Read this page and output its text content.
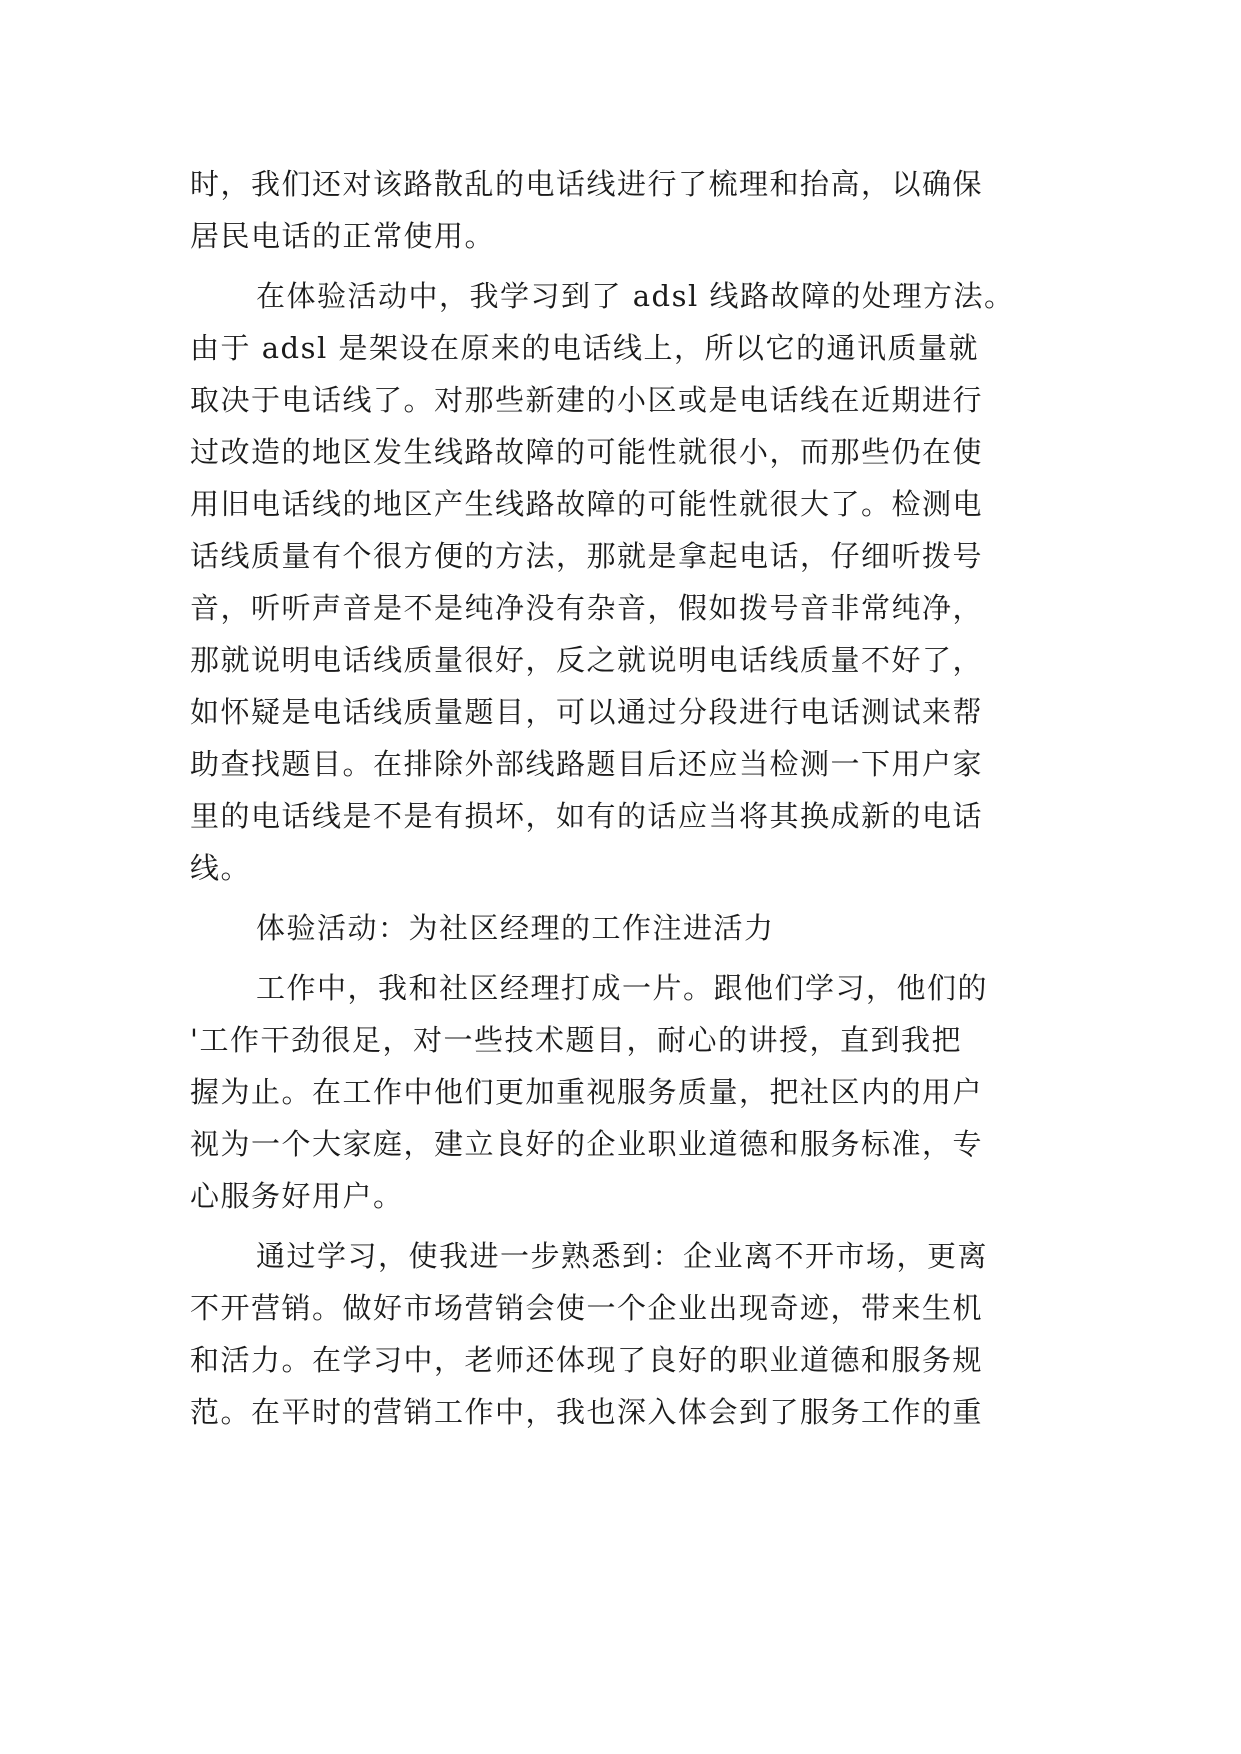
时，我们还对该路散乱的电话线进行了梳理和抬高，以确保
居民电话的正常使用。
在体验活动中，我学习到了 adsl 线路故障的处理方法。
由于 adsl 是架设在原来的电话线上，所以它的通讯质量就
取决于电话线了。对那些新建的小区或是电话线在近期进行
过改造的地区发生线路故障的可能性就很小，而那些仍在使
用旧电话线的地区产生线路故障的可能性就很大了。检测电
话线质量有个很方便的方法，那就是拿起电话，仔细听拨号
音，听听声音是不是纯净没有杂音，假如拨号音非常纯净，
那就说明电话线质量很好，反之就说明电话线质量不好了，
如怀疑是电话线质量题目，可以通过分段进行电话测试来帮
助查找题目。在排除外部线路题目后还应当检测一下用户家
里的电话线是不是有损坏，如有的话应当将其换成新的电话
线。
体验活动：为社区经理的工作注进活力
工作中，我和社区经理打成一片。跟他们学习，他们的
'工作干劲很足，对一些技术题目，耐心的讲授，直到我把
握为止。在工作中他们更加重视服务质量，把社区内的用户
视为一个大家庭，建立良好的企业职业道德和服务标准，专
心服务好用户。
通过学习，使我进一步熟悉到：企业离不开市场，更离
不开营销。做好市场营销会使一个企业出现奇迹，带来生机
和活力。在学习中，老师还体现了良好的职业道德和服务规
范。在平时的营销工作中，我也深入体会到了服务工作的重
